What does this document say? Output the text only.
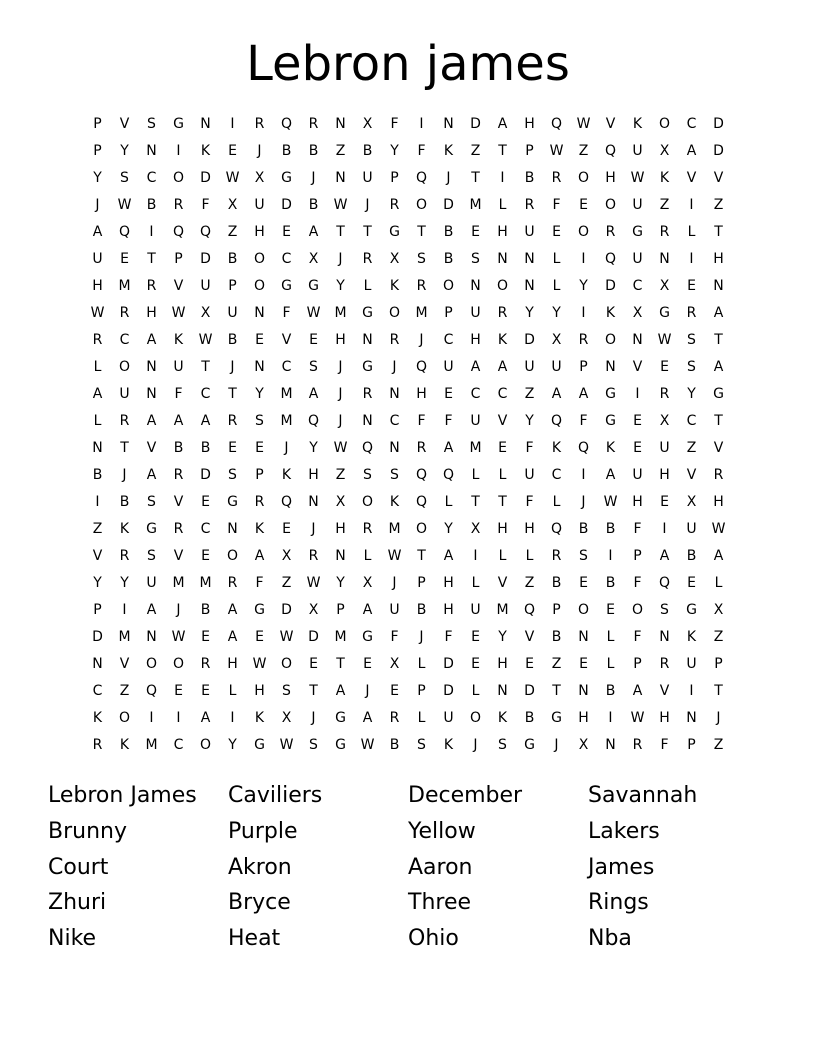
Lebron james
P	V	S	G	N	I	R	Q	R	N	X	F	I	N	D	A	H	Q	W	V	K	O	C	D
P	Y	N	I	K	E	J	B	B	Z	B	Y	F	K	Z	T	P	W	Z	Q	U	X	A	D
Y	S	C	O	D	W	X	G	J	N	U	P	Q	J	T	I	B	R	O	H	W	K	V	V
J	W	B	R	F	X	U	D	B	W	J	R	O	D	M	L	R	F	E	O	U	Z	I	Z
A	Q	I	Q	Q	Z	H	E	A	T	T	G	T	B	E	H	U	E	O	R	G	R	L	T
U	E	T	P	D	B	O	C	X	J	R	X	S	B	S	N	N	L	I	Q	U	N	I	H
H	M	R	V	U	P	O	G	G	Y	L	K	R	O	N	O	N	L	Y	D	C	X	E	N
W	R	H	W	X	U	N	F	W	M	G	O	M	P	U	R	Y	Y	I	K	X	G	R	A
R	C	A	K	W	B	E	V	E	H	N	R	J	C	H	K	D	X	R	O	N	W	S	T
L	O	N	U	T	J	N	C	S	J	G	J	Q	U	A	A	U	U	P	N	V	E	S	A
A	U	N	F	C	T	Y	M	A	J	R	N	H	E	C	C	Z	A	A	G	I	R	Y	G
L	R	A	A	A	R	S	M	Q	J	N	C	F	F	U	V	Y	Q	F	G	E	X	C	T
N	T	V	B	B	E	E	J	Y	W	Q	N	R	A	M	E	F	K	Q	K	E	U	Z	V
B	J	A	R	D	S	P	K	H	Z	S	S	Q	Q	L	L	U	C	I	A	U	H	V	R
I	B	S	V	E	G	R	Q	N	X	O	K	Q	L	T	T	F	L	J	W	H	E	X	H
Z	K	G	R	C	N	K	E	J	H	R	M	O	Y	X	H	H	Q	B	B	F	I	U	W
V	R	S	V	E	O	A	X	R	N	L	W	T	A	I	L	L	R	S	I	P	A	B	A
Y	Y	U	M	M	R	F	Z	W	Y	X	J	P	H	L	V	Z	B	E	B	F	Q	E	L
P	I	A	J	B	A	G	D	X	P	A	U	B	H	U	M	Q	P	O	E	O	S	G	X
D	M	N	W	E	A	E	W	D	M	G	F	J	F	E	Y	V	B	N	L	F	N	K	Z
N	V	O	O	R	H	W	O	E	T	E	X	L	D	E	H	E	Z	E	L	P	R	U	P
C	Z	Q	E	E	L	H	S	T	A	J	E	P	D	L	N	D	T	N	B	A	V	I	T
K	O	I	I	A	I	K	X	J	G	A	R	L	U	O	K	B	G	H	I	W	H	N	J
R	K	M	C	O	Y	G	W	S	G	W	B	S	K	J	S	G	J	X	N	R	F	P	Z
Lebron James	Caviliers	December	Savannah
Brunny	Purple	Yellow	Lakers
Court	Akron	Aaron	James
Zhuri	Bryce	Three	Rings
Nike	Heat	Ohio	Nba
